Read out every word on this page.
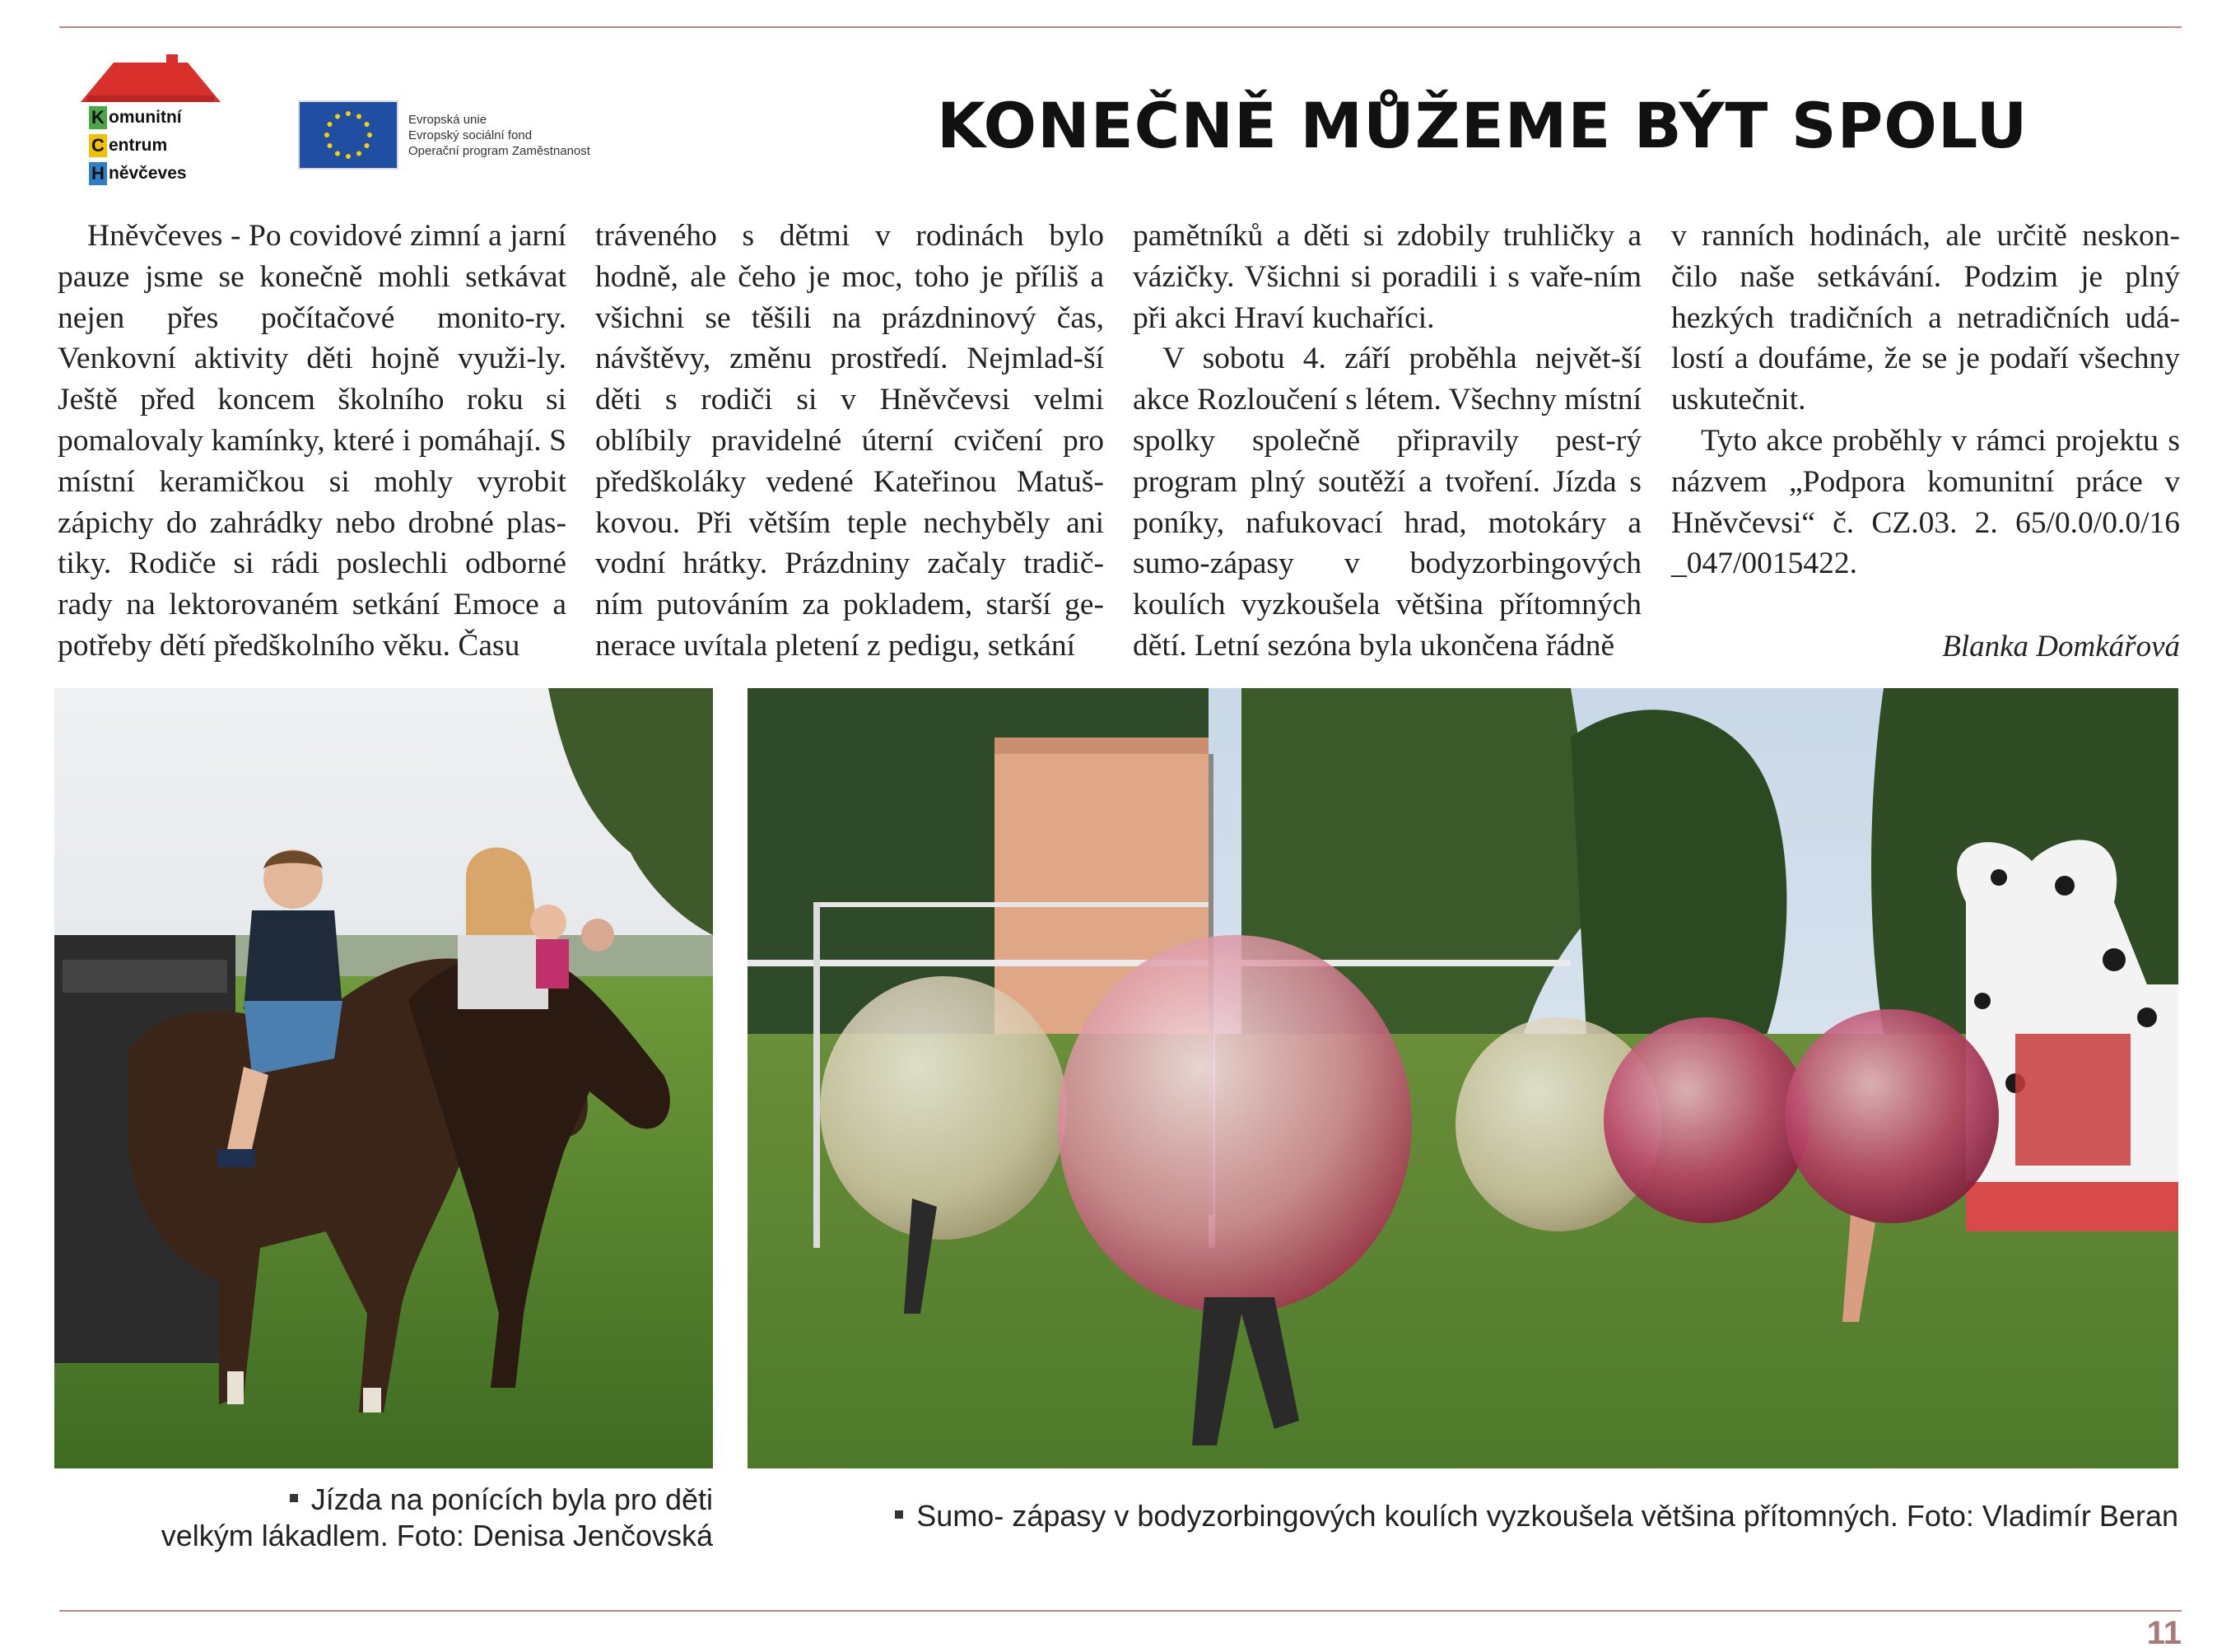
K omunitní
C entrum
H něvčeves
Evropská unie
Evropský sociální fond
Operační program Zaměstnanost	KONEČNĚ MŮŽEME BÝT SPOLU

Hněvčeves - Po covidové zimní a jarní pauze jsme se konečně mohli setkávat nejen přes počítačové monito-ry. Venkovní aktivity děti hojně využi-ly. Ještě před koncem školního roku si pomalovaly kamínky, které i pomáhají. S místní keramičkou si mohly vyrobit zápichy do zahrádky nebo drobné plas-tiky. Rodiče si rádi poslechli odborné rady na lektorovaném setkání Emoce a potřeby dětí předškolního věku. Času

tráveného s dětmi v rodinách bylo hodně, ale čeho je moc, toho je příliš a všichni se těšili na prázdninový čas, návštěvy, změnu prostředí. Nejmlad-ší děti s rodiči si v Hněvčevsi velmi oblíbily pravidelné úterní cvičení pro předškoláky vedené Kateřinou Matuš-kovou. Při větším teple nechyběly ani vodní hrátky. Prázdniny začaly tradič-ním putováním za pokladem, starší ge-nerace uvítala pletení z pedigu, setkání

pamětníků a děti si zdobily truhličky a vázičky. Všichni si poradili i s vaře-ním při akci Hraví kuchaříci.

V sobotu 4. září proběhla největ-ší akce Rozloučení s létem. Všechny místní spolky společně připravily pest-rý program plný soutěží a tvoření. Jízda s poníky, nafukovací hrad, motokáry a sumo-zápasy v bodyzorbingových koulích vyzkoušela většina přítomných dětí. Letní sezóna byla ukončena řádně

v ranních hodinách, ale určitě neskon-čilo naše setkávání. Podzim je plný hezkých tradičních a netradičních udá-lostí a doufáme, že se je podaří všechny uskutečnit.

Tyto akce proběhly v rámci projektu s názvem „Podpora komunitní práce v Hněvčevsi“ č. CZ.03. 2. 65/0.0/0.0/16 _047/0015422.

Blanka Domkářová
Jízda na ponících byla pro děti
velkým lákadlem. Foto: Denisa Jenčovská
Sumo- zápasy v bodyzorbingových koulích vyzkoušela většina přítomných. Foto: Vladimír Beran
11
